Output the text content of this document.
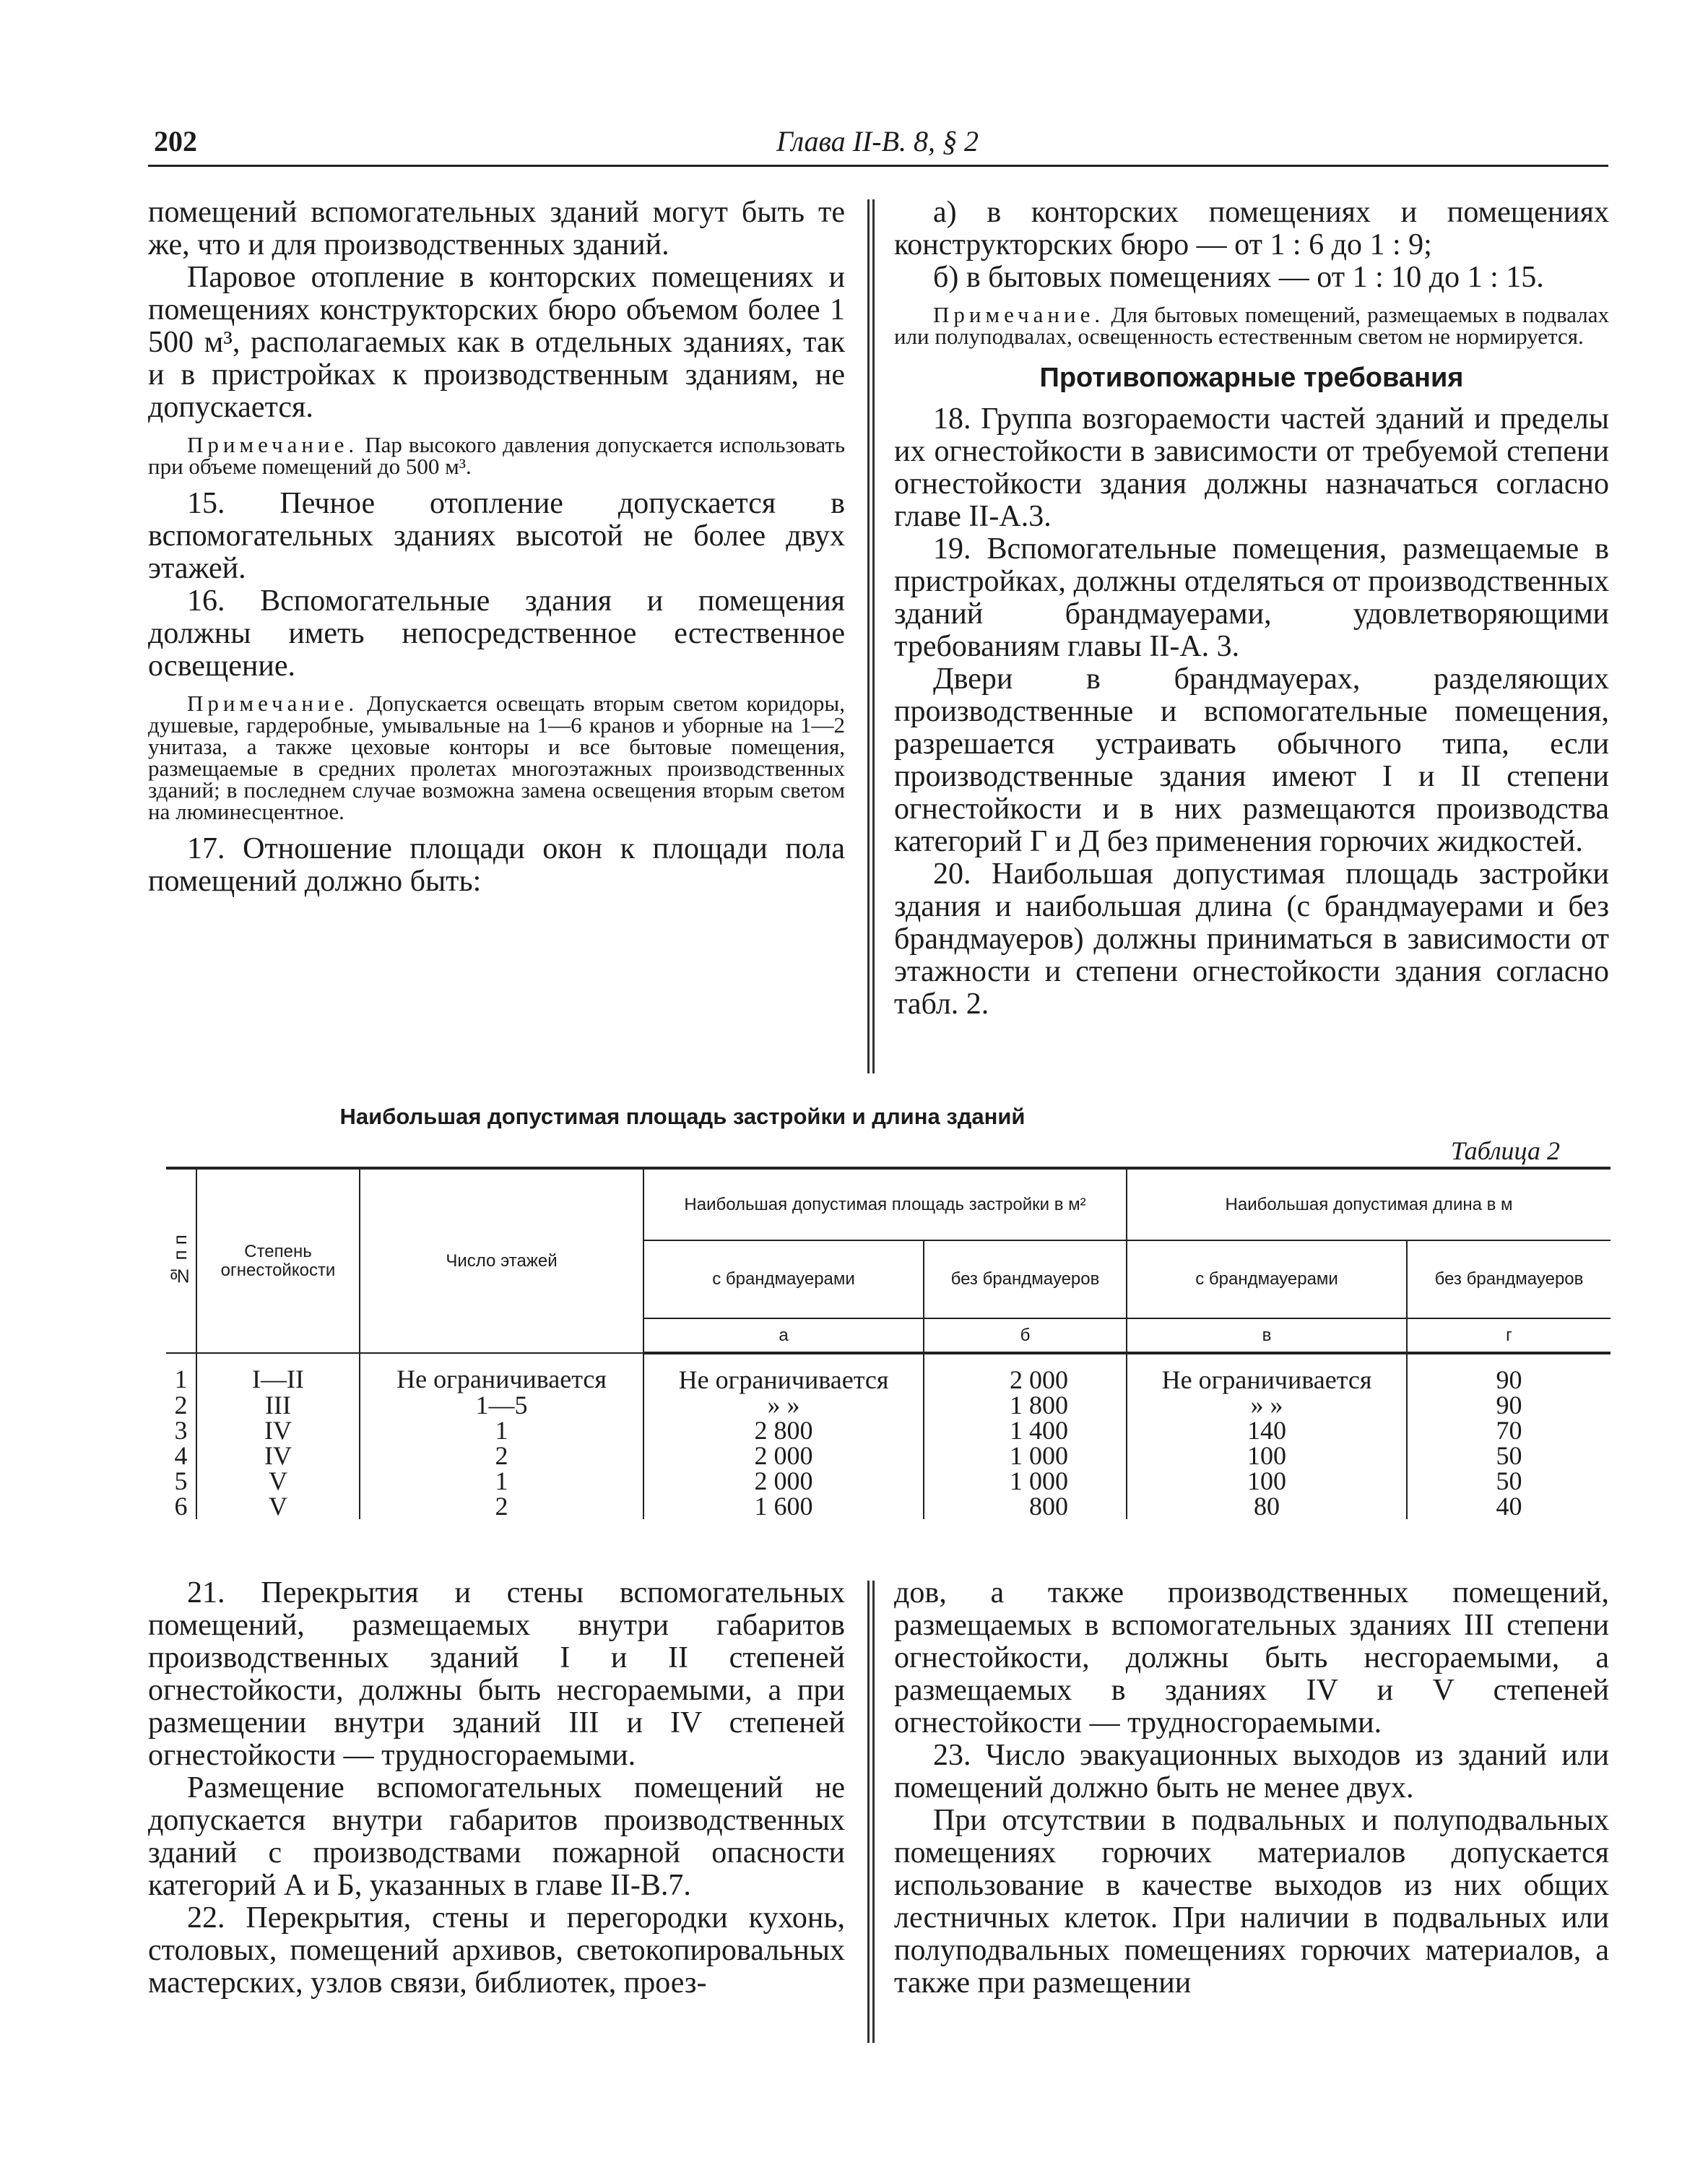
202	Глава II-В. 8, § 2

помещений вспомогательных зданий могут быть те же, что и для производственных зданий.

Паровое отопление в конторских помещениях и помещениях конструкторских бюро объемом более 1 500 м³, располагаемых как в отдельных зданиях, так и в пристройках к производственным зданиям, не допускается.

Примечание. Пар высокого давления допускается использовать при объеме помещений до 500 м³.

15. Печное отопление допускается в вспомогательных зданиях высотой не более двух этажей.

16. Вспомогательные здания и помещения должны иметь непосредственное естественное освещение.

Примечание. Допускается освещать вторым светом коридоры, душевые, гардеробные, умывальные на 1—6 кранов и уборные на 1—2 унитаза, а также цеховые конторы и все бытовые помещения, размещаемые в средних пролетах многоэтажных производственных зданий; в последнем случае возможна замена освещения вторым светом на люминесцентное.

17. Отношение площади окон к площади пола помещений должно быть:

а) в конторских помещениях и помещениях конструкторских бюро — от 1 : 6 до 1 : 9;

б) в бытовых помещениях — от 1 : 10 до 1 : 15.

Примечание. Для бытовых помещений, размещаемых в подвалах или полуподвалах, освещенность естественным светом не нормируется.

Противопожарные требования

18. Группа возгораемости частей зданий и пределы их огнестойкости в зависимости от требуемой степени огнестойкости здания должны назначаться согласно главе II-А.3.

19. Вспомогательные помещения, размещаемые в пристройках, должны отделяться от производственных зданий брандмауерами, удовлетворяющими требованиям главы II-А. 3.

Двери в брандмауерах, разделяющих производственные и вспомогательные помещения, разрешается устраивать обычного типа, если производственные здания имеют I и II степени огнестойкости и в них размещаются производства категорий Г и Д без применения горючих жидкостей.

20. Наибольшая допустимая площадь застройки здания и наибольшая длина (с брандмауерами и без брандмауеров) должны приниматься в зависимости от этажности и степени огнестойкости здания согласно табл. 2.

Наибольшая допустимая площадь застройки и длина зданий
Таблица 2
№ п п	Степень огнестойкости	Число этажей	Наибольшая допустимая площадь застройки в м²		Наибольшая допустимая длина в м	
			с брандмауерами	без брандмауеров	с брандмауерами	без брандмауеров
			а	б	в	г
1	I—II	Не ограничивается	Не ограничивается	2 000	Не ограничивается	90
2	III	1—5	» »	1 800	» »	90
3	IV	1	2 800	1 400	140	70
4	IV	2	2 000	1 000	100	50
5	V	1	2 000	1 000	100	50
6	V	2	1 600	800	80	40

21. Перекрытия и стены вспомогательных помещений, размещаемых внутри габаритов производственных зданий I и II степеней огнестойкости, должны быть несгораемыми, а при размещении внутри зданий III и IV степеней огнестойкости — трудносгораемыми.

Размещение вспомогательных помещений не допускается внутри габаритов производственных зданий с производствами пожарной опасности категорий А и Б, указанных в главе II-В.7.

22. Перекрытия, стены и перегородки кухонь, столовых, помещений архивов, светокопировальных мастерских, узлов связи, библиотек, проез-

дов, а также производственных помещений, размещаемых в вспомогательных зданиях III степени огнестойкости, должны быть несгораемыми, а размещаемых в зданиях IV и V степеней огнестойкости — трудносгораемыми.

23. Число эвакуационных выходов из зданий или помещений должно быть не менее двух.

При отсутствии в подвальных и полуподвальных помещениях горючих материалов допускается использование в качестве выходов из них общих лестничных клеток. При наличии в подвальных или полуподвальных помещениях горючих материалов, а также при размещении
